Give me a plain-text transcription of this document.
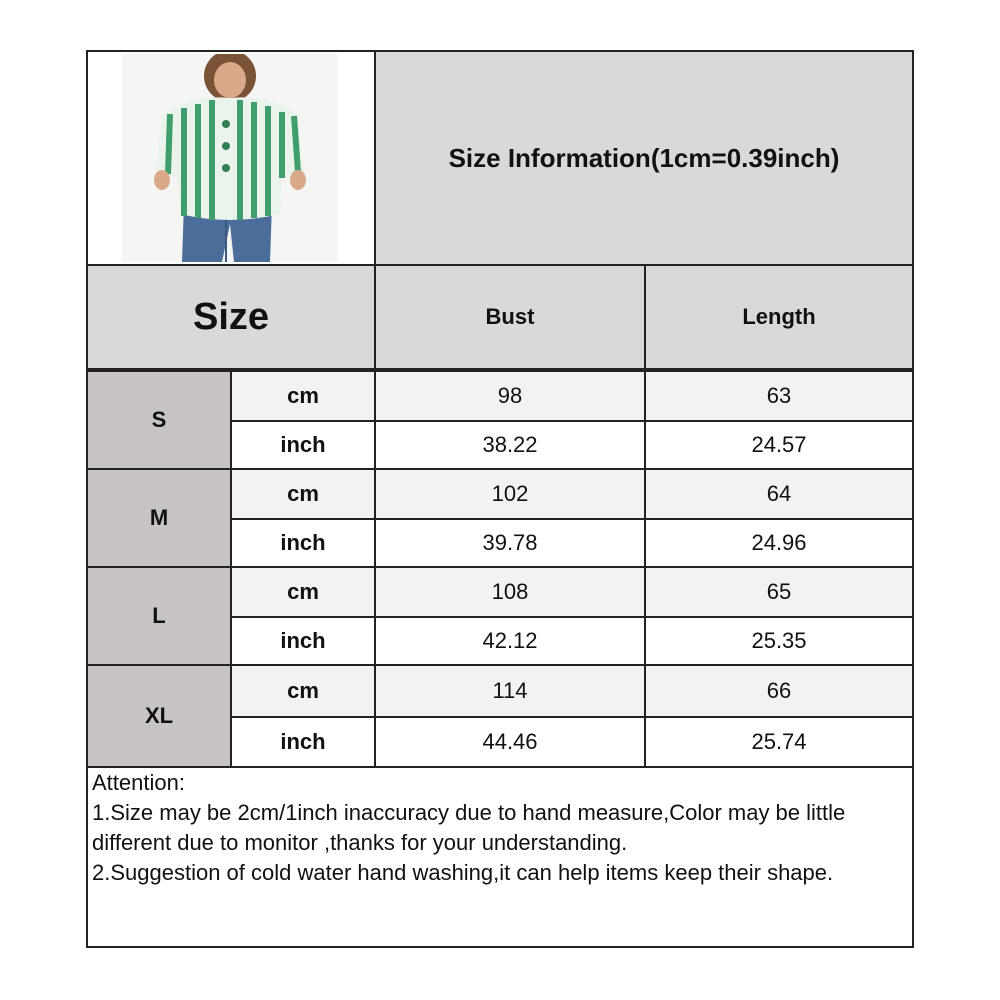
Size Information(1cm=0.39inch)
Size	Bust	Length
S
cm	98	63
inch	38.22	24.57
M
cm	102	64
inch	39.78	24.96
L
cm	108	65
inch	42.12	25.35
XL
cm	114	66
inch	44.46	25.74
Attention:
1.Size may be 2cm/1inch inaccuracy due to hand measure,Color may be little
different due to monitor ,thanks for your understanding.
2.Suggestion of cold water hand washing,it can help items keep their shape.
